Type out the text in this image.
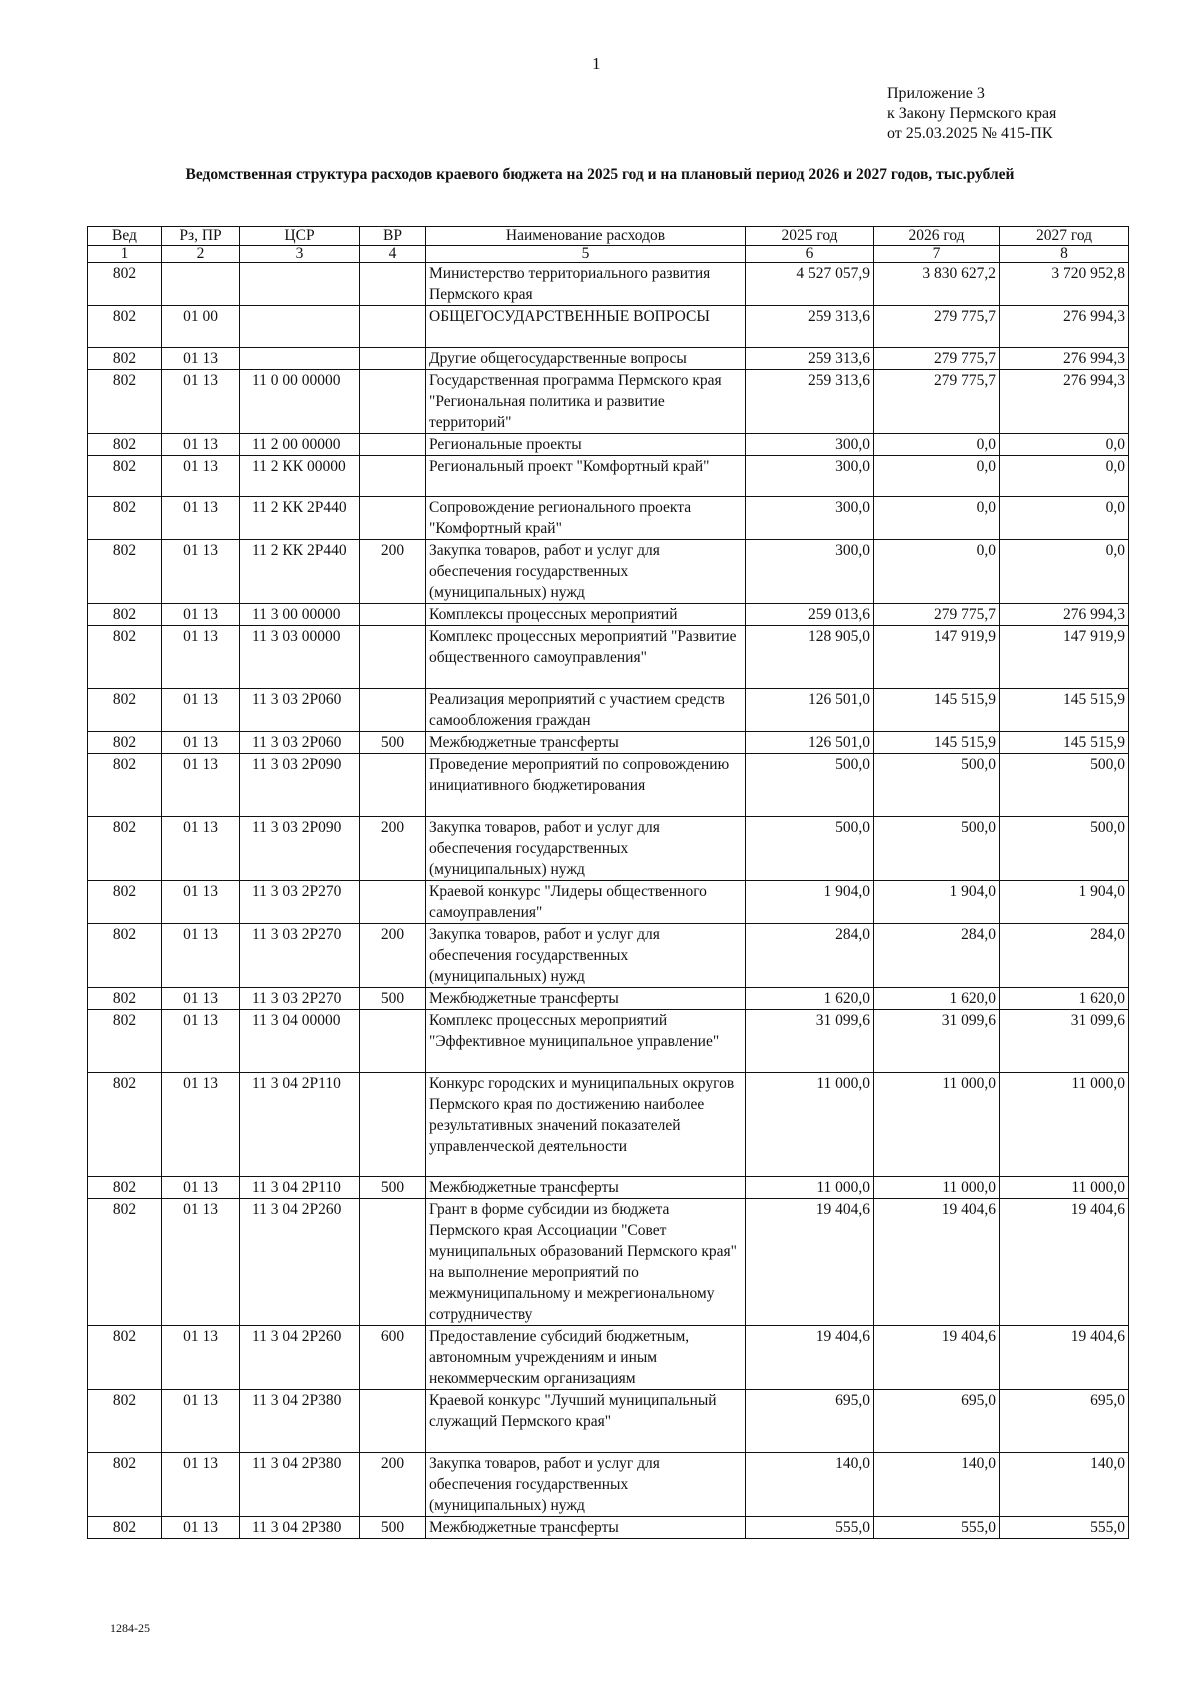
1
Приложение 3
к Закону Пермского края
от 25.03.2025 № 415-ПК
Ведомственная структура расходов краевого бюджета на 2025 год и на плановый период 2026 и 2027 годов, тыс.рублей
Вед	Рз, ПР	ЦСР	ВР	Наименование расходов	2025 год	2026 год	2027 год
1	2	3	4	5	6	7	8
802				Министерство территориального развития Пермского края	4 527 057,9	3 830 627,2	3 720 952,8
802	01 00			ОБЩЕГОСУДАРСТВЕННЫЕ ВОПРОСЫ	259 313,6	279 775,7	276 994,3
802	01 13			Другие общегосударственные вопросы	259 313,6	279 775,7	276 994,3
802	01 13	11 0 00 00000		Государственная программа Пермского края "Региональная политика и развитие территорий"	259 313,6	279 775,7	276 994,3
802	01 13	11 2 00 00000		Региональные проекты	300,0	0,0	0,0
802	01 13	11 2 КК 00000		Региональный проект "Комфортный край"	300,0	0,0	0,0
802	01 13	11 2 КК 2Р440		Сопровождение регионального проекта "Комфортный край"	300,0	0,0	0,0
802	01 13	11 2 КК 2Р440	200	Закупка товаров, работ и услуг для обеспечения государственных (муниципальных) нужд	300,0	0,0	0,0
802	01 13	11 3 00 00000		Комплексы процессных мероприятий	259 013,6	279 775,7	276 994,3
802	01 13	11 3 03 00000		Комплекс процессных мероприятий "Развитие общественного самоуправления"	128 905,0	147 919,9	147 919,9
802	01 13	11 3 03 2Р060		Реализация мероприятий с участием средств самообложения граждан	126 501,0	145 515,9	145 515,9
802	01 13	11 3 03 2Р060	500	Межбюджетные трансферты	126 501,0	145 515,9	145 515,9
802	01 13	11 3 03 2Р090		Проведение мероприятий по сопровождению инициативного бюджетирования	500,0	500,0	500,0
802	01 13	11 3 03 2Р090	200	Закупка товаров, работ и услуг для обеспечения государственных (муниципальных) нужд	500,0	500,0	500,0
802	01 13	11 3 03 2Р270		Краевой конкурс "Лидеры общественного самоуправления"	1 904,0	1 904,0	1 904,0
802	01 13	11 3 03 2Р270	200	Закупка товаров, работ и услуг для обеспечения государственных (муниципальных) нужд	284,0	284,0	284,0
802	01 13	11 3 03 2Р270	500	Межбюджетные трансферты	1 620,0	1 620,0	1 620,0
802	01 13	11 3 04 00000		Комплекс процессных мероприятий "Эффективное муниципальное управление"	31 099,6	31 099,6	31 099,6
802	01 13	11 3 04 2Р110		Конкурс городских и муниципальных округов Пермского края по достижению наиболее результативных значений показателей управленческой деятельности	11 000,0	11 000,0	11 000,0
802	01 13	11 3 04 2Р110	500	Межбюджетные трансферты	11 000,0	11 000,0	11 000,0
802	01 13	11 3 04 2Р260		Грант в форме субсидии из бюджета Пермского края Ассоциации "Совет муниципальных образований Пермского края" на выполнение мероприятий по межмуниципальному и межрегиональному сотрудничеству	19 404,6	19 404,6	19 404,6
802	01 13	11 3 04 2Р260	600	Предоставление субсидий бюджетным, автономным учреждениям и иным некоммерческим организациям	19 404,6	19 404,6	19 404,6
802	01 13	11 3 04 2Р380		Краевой конкурс "Лучший муниципальный служащий Пермского края"	695,0	695,0	695,0
802	01 13	11 3 04 2Р380	200	Закупка товаров, работ и услуг для обеспечения государственных (муниципальных) нужд	140,0	140,0	140,0
802	01 13	11 3 04 2Р380	500	Межбюджетные трансферты	555,0	555,0	555,0
1284-25
